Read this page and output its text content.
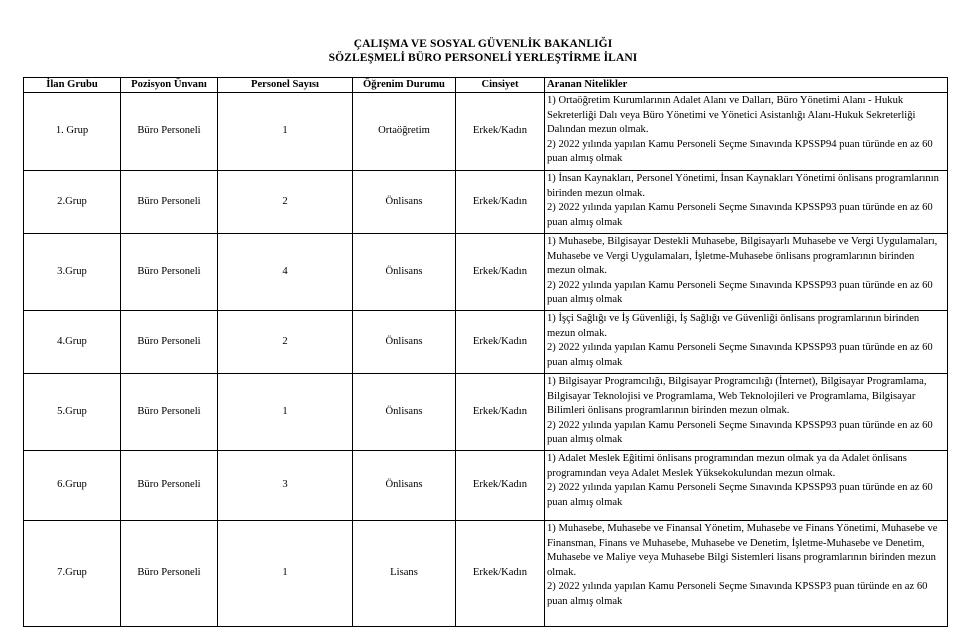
ÇALIŞMA VE SOSYAL GÜVENLİK BAKANLIĞI
SÖZLEŞMELİ BÜRO PERSONELİ YERLEŞTİRME İLANI
İlan Grubu	Pozisyon Ünvanı	Personel Sayısı	Öğrenim Durumu	Cinsiyet	Aranan Nitelikler
1. Grup	Büro Personeli	1	Ortaöğretim	Erkek/Kadın	1) Ortaöğretim Kurumlarının Adalet Alanı ve Dalları, Büro Yönetimi Alanı - Hukuk Sekreterliği Dalı veya Büro Yönetimi ve Yönetici Asistanlığı Alanı-Hukuk Sekreterliği Dalından mezun olmak.
2) 2022 yılında yapılan Kamu Personeli Seçme Sınavında KPSSP94 puan türünde en az 60 puan almış olmak

2.Grup	Büro Personeli	2	Önlisans	Erkek/Kadın	1) İnsan Kaynakları, Personel Yönetimi, İnsan Kaynakları Yönetimi önlisans programlarının birinden mezun olmak.
2) 2022 yılında yapılan Kamu Personeli Seçme Sınavında KPSSP93 puan türünde en az 60 puan almış olmak

3.Grup	Büro Personeli	4	Önlisans	Erkek/Kadın	1) Muhasebe, Bilgisayar Destekli Muhasebe, Bilgisayarlı Muhasebe ve Vergi Uygulamaları, Muhasebe ve Vergi Uygulamaları, İşletme-Muhasebe önlisans programlarının birinden mezun olmak.
2) 2022 yılında yapılan Kamu Personeli Seçme Sınavında KPSSP93 puan türünde en az 60 puan almış olmak

4.Grup	Büro Personeli	2	Önlisans	Erkek/Kadın	1) İşçi Sağlığı ve İş Güvenliği, İş Sağlığı ve Güvenliği önlisans programlarının birinden mezun olmak.
2) 2022 yılında yapılan Kamu Personeli Seçme Sınavında KPSSP93 puan türünde en az 60 puan almış olmak

5.Grup	Büro Personeli	1	Önlisans	Erkek/Kadın	1) Bilgisayar Programcılığı, Bilgisayar Programcılığı (İnternet), Bilgisayar Programlama, Bilgisayar Teknolojisi ve Programlama, Web Teknolojileri ve Programlama, Bilgisayar Bilimleri önlisans programlarının birinden mezun olmak.
2) 2022 yılında yapılan Kamu Personeli Seçme Sınavında KPSSP93 puan türünde en az 60 puan almış olmak

6.Grup	Büro Personeli	3	Önlisans	Erkek/Kadın	1) Adalet Meslek Eğitimi önlisans programından mezun olmak ya da Adalet önlisans programından veya Adalet Meslek Yüksekokulundan mezun olmak.
2) 2022 yılında yapılan Kamu Personeli Seçme Sınavında KPSSP93 puan türünde en az 60 puan almış olmak

7.Grup	Büro Personeli	1	Lisans	Erkek/Kadın	1) Muhasebe, Muhasebe ve Finansal Yönetim, Muhasebe ve Finans Yönetimi, Muhasebe ve Finansman, Finans ve Muhasebe, Muhasebe ve Denetim, İşletme-Muhasebe ve Denetim, Muhasebe ve Maliye veya Muhasebe Bilgi Sistemleri lisans programlarının birinden mezun olmak.
2) 2022 yılında yapılan Kamu Personeli Seçme Sınavında KPSSP3 puan türünde en az 60 puan almış olmak
